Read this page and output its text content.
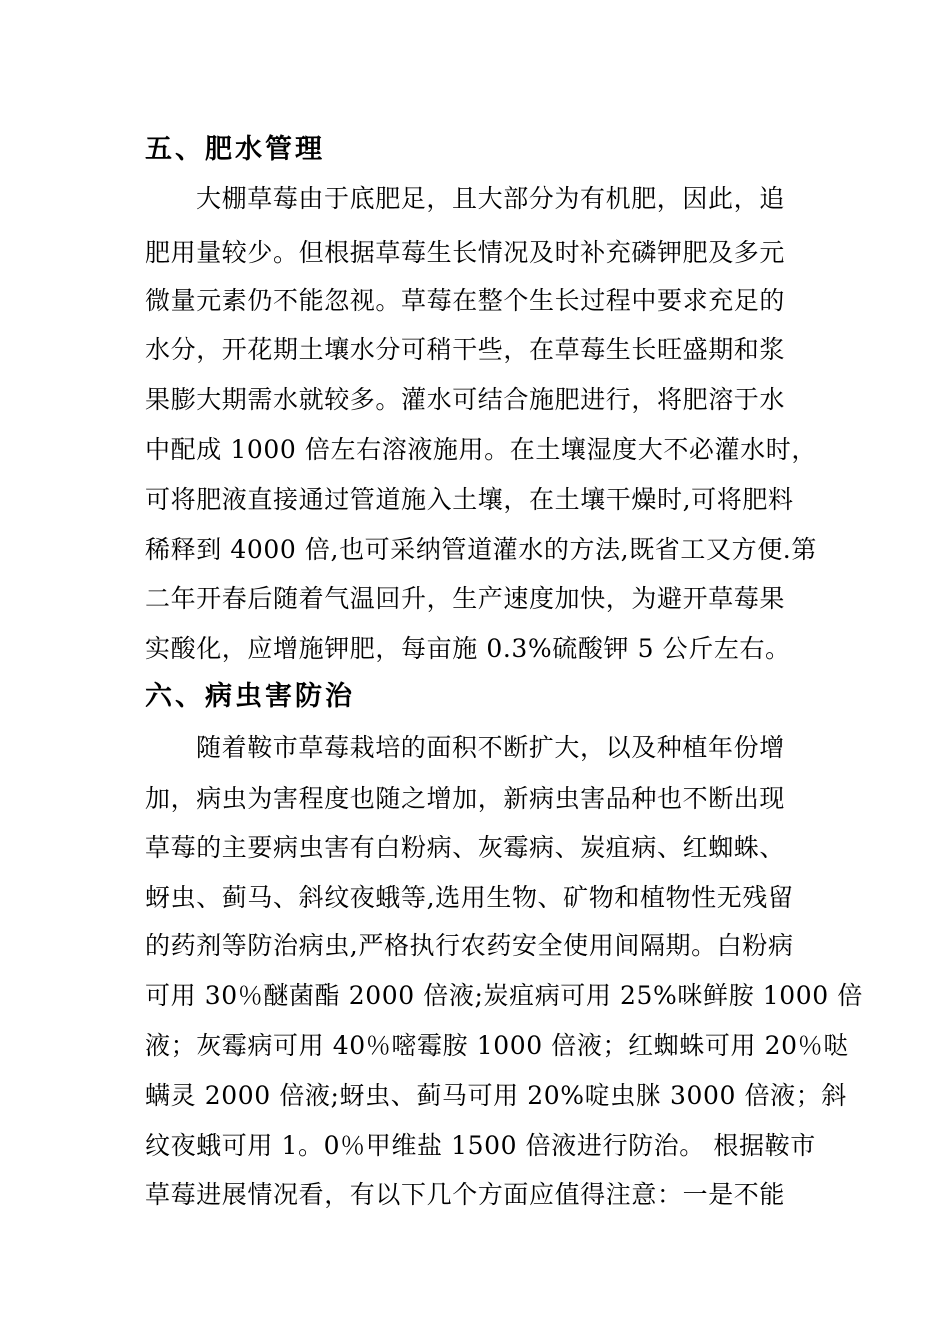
五、肥水管理
大棚草莓由于底肥足，且大部分为有机肥，因此，追
肥用量较少。但根据草莓生长情况及时补充磷钾肥及多元
微量元素仍不能忽视。草莓在整个生长过程中要求充足的
水分，开花期土壤水分可稍干些，在草莓生长旺盛期和浆
果膨大期需水就较多。灌水可结合施肥进行，将肥溶于水
中配成 1000 倍左右溶液施用。在土壤湿度大不必灌水时，
可将肥液直接通过管道施入土壤，在土壤干燥时,可将肥料
稀释到 4000 倍,也可采纳管道灌水的方法,既省工又方便.第
二年开春后随着气温回升，生产速度加快，为避开草莓果
实酸化，应增施钾肥，每亩施 0.3%硫酸钾 5 公斤左右。
六、病虫害防治
随着鞍市草莓栽培的面积不断扩大，以及种植年份增
加，病虫为害程度也随之增加，新病虫害品种也不断出现
草莓的主要病虫害有白粉病、灰霉病、炭疽病、红蜘蛛、
蚜虫、蓟马、斜纹夜蛾等,选用生物、矿物和植物性无残留
的药剂等防治病虫,严格执行农药安全使用间隔期。白粉病
可用 30％醚菌酯 2000 倍液;炭疽病可用 25%咪鲜胺 1000 倍
液；灰霉病可用 40％嘧霉胺 1000 倍液；红蜘蛛可用 20％哒
螨灵 2000 倍液;蚜虫、蓟马可用 20%啶虫脒 3000 倍液；斜
纹夜蛾可用 1。0％甲维盐 1500 倍液进行防治。 根据鞍市
草莓进展情况看，有以下几个方面应值得注意：一是不能
